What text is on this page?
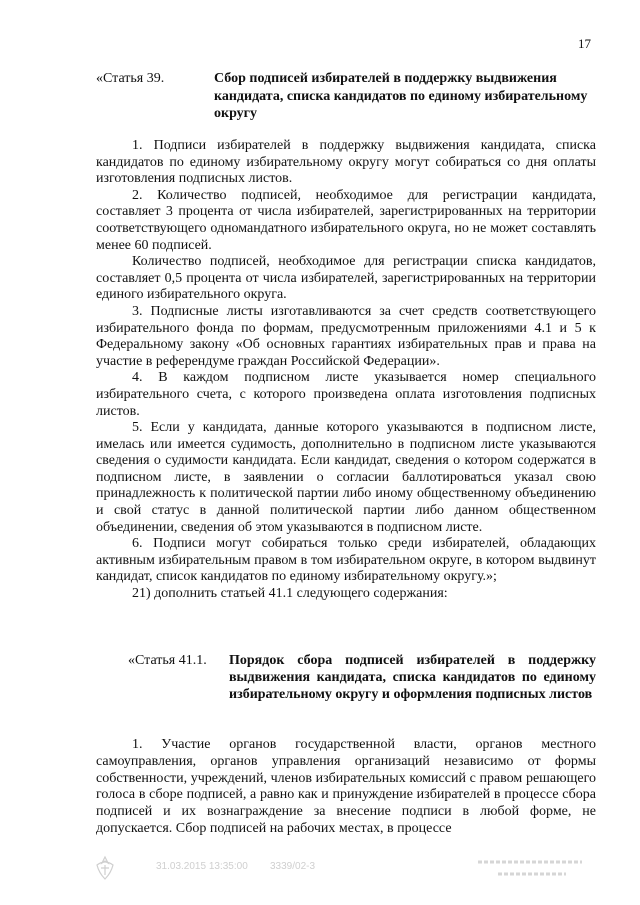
17
«Статья 39.	Сбор подписей избирателей в поддержку выдвижения кандидата, списка кандидатов по единому избирательному округу

1. Подписи избирателей в поддержку выдвижения кандидата, списка кандидатов по единому избирательному округу могут собираться со дня оплаты изготовления подписных листов.

2. Количество подписей, необходимое для регистрации кандидата, составляет 3 процента от числа избирателей, зарегистрированных на территории соответствующего одномандатного избирательного округа, но не может составлять менее 60 подписей.

Количество подписей, необходимое для регистрации списка кандидатов, составляет 0,5 процента от числа избирателей, зарегистрированных на территории единого избирательного округа.

3. Подписные листы изготавливаются за счет средств соответствующего избирательного фонда по формам, предусмотренным приложениями 4.1 и 5 к Федеральному закону «Об основных гарантиях избирательных прав и права на участие в референдуме граждан Российской Федерации».

4. В каждом подписном листе указывается номер специального избирательного счета, с которого произведена оплата изготовления подписных листов.

5. Если у кандидата, данные которого указываются в подписном листе, имелась или имеется судимость, дополнительно в подписном листе указываются сведения о судимости кандидата. Если кандидат, сведения о котором содержатся в подписном листе, в заявлении о согласии баллотироваться указал свою принадлежность к политической партии либо иному общественному объединению и свой статус в данной политической партии либо данном общественном объединении, сведения об этом указываются в подписном листе.

6. Подписи могут собираться только среди избирателей, обладающих активным избирательным правом в том избирательном округе, в котором выдвинут кандидат, список кандидатов по единому избирательному округу.»;

21) дополнить статьей 41.1 следующего содержания:

«Статья 41.1. Порядок сбора подписей избирателей в поддержку выдвижения кандидата, списка кандидатов по единому избирательному округу и оформления подписных листов

1. Участие органов государственной власти, органов местного самоуправления, органов управления организаций независимо от формы собственности, учреждений, членов избирательных комиссий с правом решающего голоса в сборе подписей, а равно как и принуждение избирателей в процессе сбора подписей и их вознаграждение за внесение подписи в любой форме, не допускается. Сбор подписей на рабочих местах, в процессе

31.03.2015 13:35:00 3339/02-3
